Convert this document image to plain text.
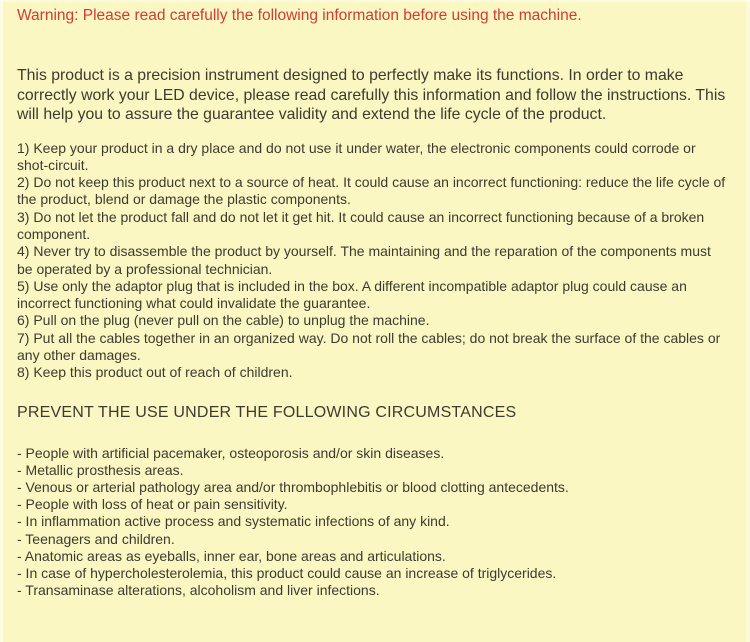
Warning: Please read carefully the following information before using the machine.

This product is a precision instrument designed to perfectly make its functions. In order to make correctly work your LED device, please read carefully this information and follow the instructions. This will help you to assure the guarantee validity and extend the life cycle of the product.

1) Keep your product in a dry place and do not use it under water, the electronic components could corrode or shot-circuit.

2) Do not keep this product next to a source of heat. It could cause an incorrect functioning: reduce the life cycle of the product, blend or damage the plastic components.

3) Do not let the product fall and do not let it get hit. It could cause an incorrect functioning because of a broken component.

4) Never try to disassemble the product by yourself. The maintaining and the reparation of the components must be operated by a professional technician.

5) Use only the adaptor plug that is included in the box. A different incompatible adaptor plug could cause an incorrect functioning what could invalidate the guarantee.

6) Pull on the plug (never pull on the cable) to unplug the machine.

7) Put all the cables together in an organized way. Do not roll the cables; do not break the surface of the cables or any other damages.

8) Keep this product out of reach of children.

PREVENT THE USE UNDER THE FOLLOWING CIRCUMSTANCES

- People with artificial pacemaker, osteoporosis and/or skin diseases.

- Metallic prosthesis areas.

- Venous or arterial pathology area and/or thrombophlebitis or blood clotting antecedents.

- People with loss of heat or pain sensitivity.

- In inflammation active process and systematic infections of any kind.

- Teenagers and children.

- Anatomic areas as eyeballs, inner ear, bone areas and articulations.

- In case of hypercholesterolemia, this product could cause an increase of triglycerides.

- Transaminase alterations, alcoholism and liver infections.
